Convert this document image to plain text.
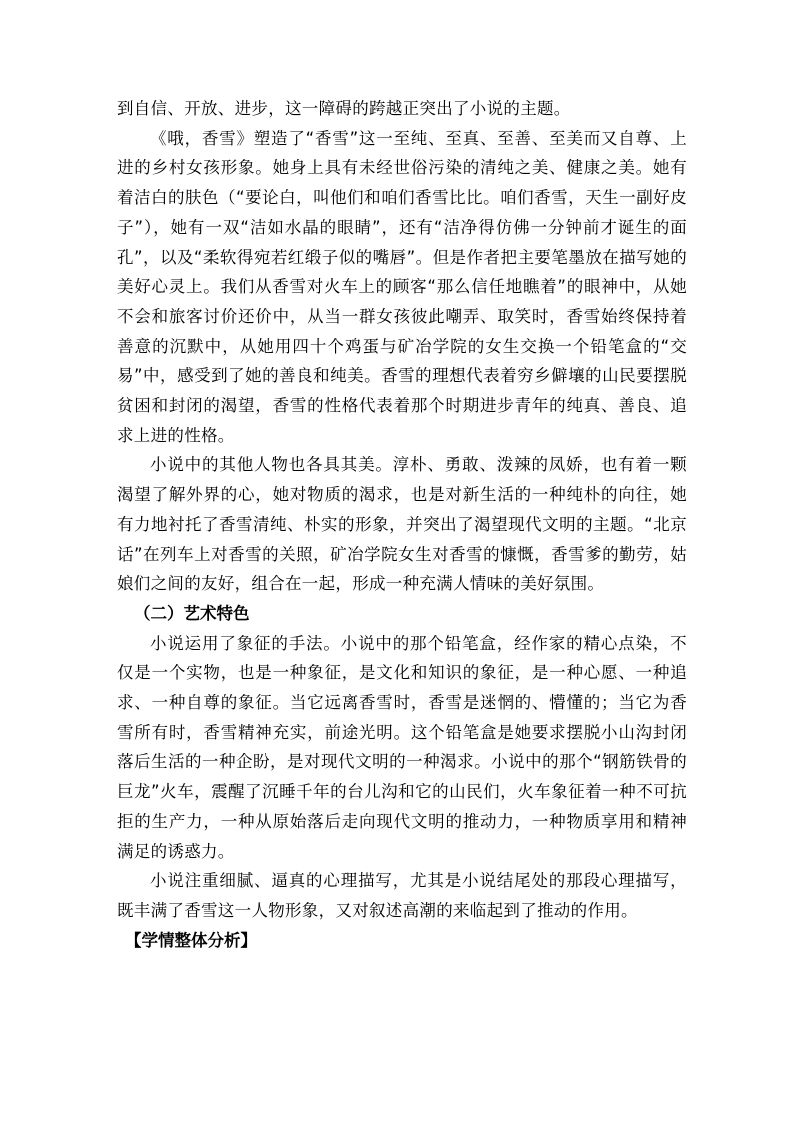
到自信、开放、进步，这一障碍的跨越正突出了小说的主题。

《哦，香雪》塑造了“香雪”这一至纯、至真、至善、至美而又自尊、上进的乡村女孩形象。她身上具有未经世俗污染的清纯之美、健康之美。她有着洁白的肤色（“要论白，叫他们和咱们香雪比比。咱们香雪，天生一副好皮子”），她有一双“洁如水晶的眼睛”，还有“洁净得仿佛一分钟前才诞生的面孔”，以及“柔软得宛若红缎子似的嘴唇”。但是作者把主要笔墨放在描写她的美好心灵上。我们从香雪对火车上的顾客“那么信任地瞧着”的眼神中，从她不会和旅客讨价还价中，从当一群女孩彼此嘲弄、取笑时，香雪始终保持着善意的沉默中，从她用四十个鸡蛋与矿冶学院的女生交换一个铅笔盒的“交易”中，感受到了她的善良和纯美。香雪的理想代表着穷乡僻壤的山民要摆脱贫困和封闭的渴望，香雪的性格代表着那个时期进步青年的纯真、善良、追求上进的性格。

小说中的其他人物也各具其美。淳朴、勇敢、泼辣的凤娇，也有着一颗渴望了解外界的心，她对物质的渴求，也是对新生活的一种纯朴的向往，她有力地衬托了香雪清纯、朴实的形象，并突出了渴望现代文明的主题。“北京话”在列车上对香雪的关照，矿冶学院女生对香雪的慷慨，香雪爹的勤劳，姑娘们之间的友好，组合在一起，形成一种充满人情味的美好氛围。

（二）艺术特色

小说运用了象征的手法。小说中的那个铅笔盒，经作家的精心点染，不仅是一个实物，也是一种象征，是文化和知识的象征，是一种心愿、一种追求、一种自尊的象征。当它远离香雪时，香雪是迷惘的、懵懂的；当它为香雪所有时，香雪精神充实，前途光明。这个铅笔盒是她要求摆脱小山沟封闭落后生活的一种企盼，是对现代文明的一种渴求。小说中的那个“钢筋铁骨的巨龙”火车，震醒了沉睡千年的台儿沟和它的山民们，火车象征着一种不可抗拒的生产力，一种从原始落后走向现代文明的推动力，一种物质享用和精神满足的诱惑力。

小说注重细腻、逼真的心理描写，尤其是小说结尾处的那段心理描写，既丰满了香雪这一人物形象，又对叙述高潮的来临起到了推动的作用。

【学情整体分析】
